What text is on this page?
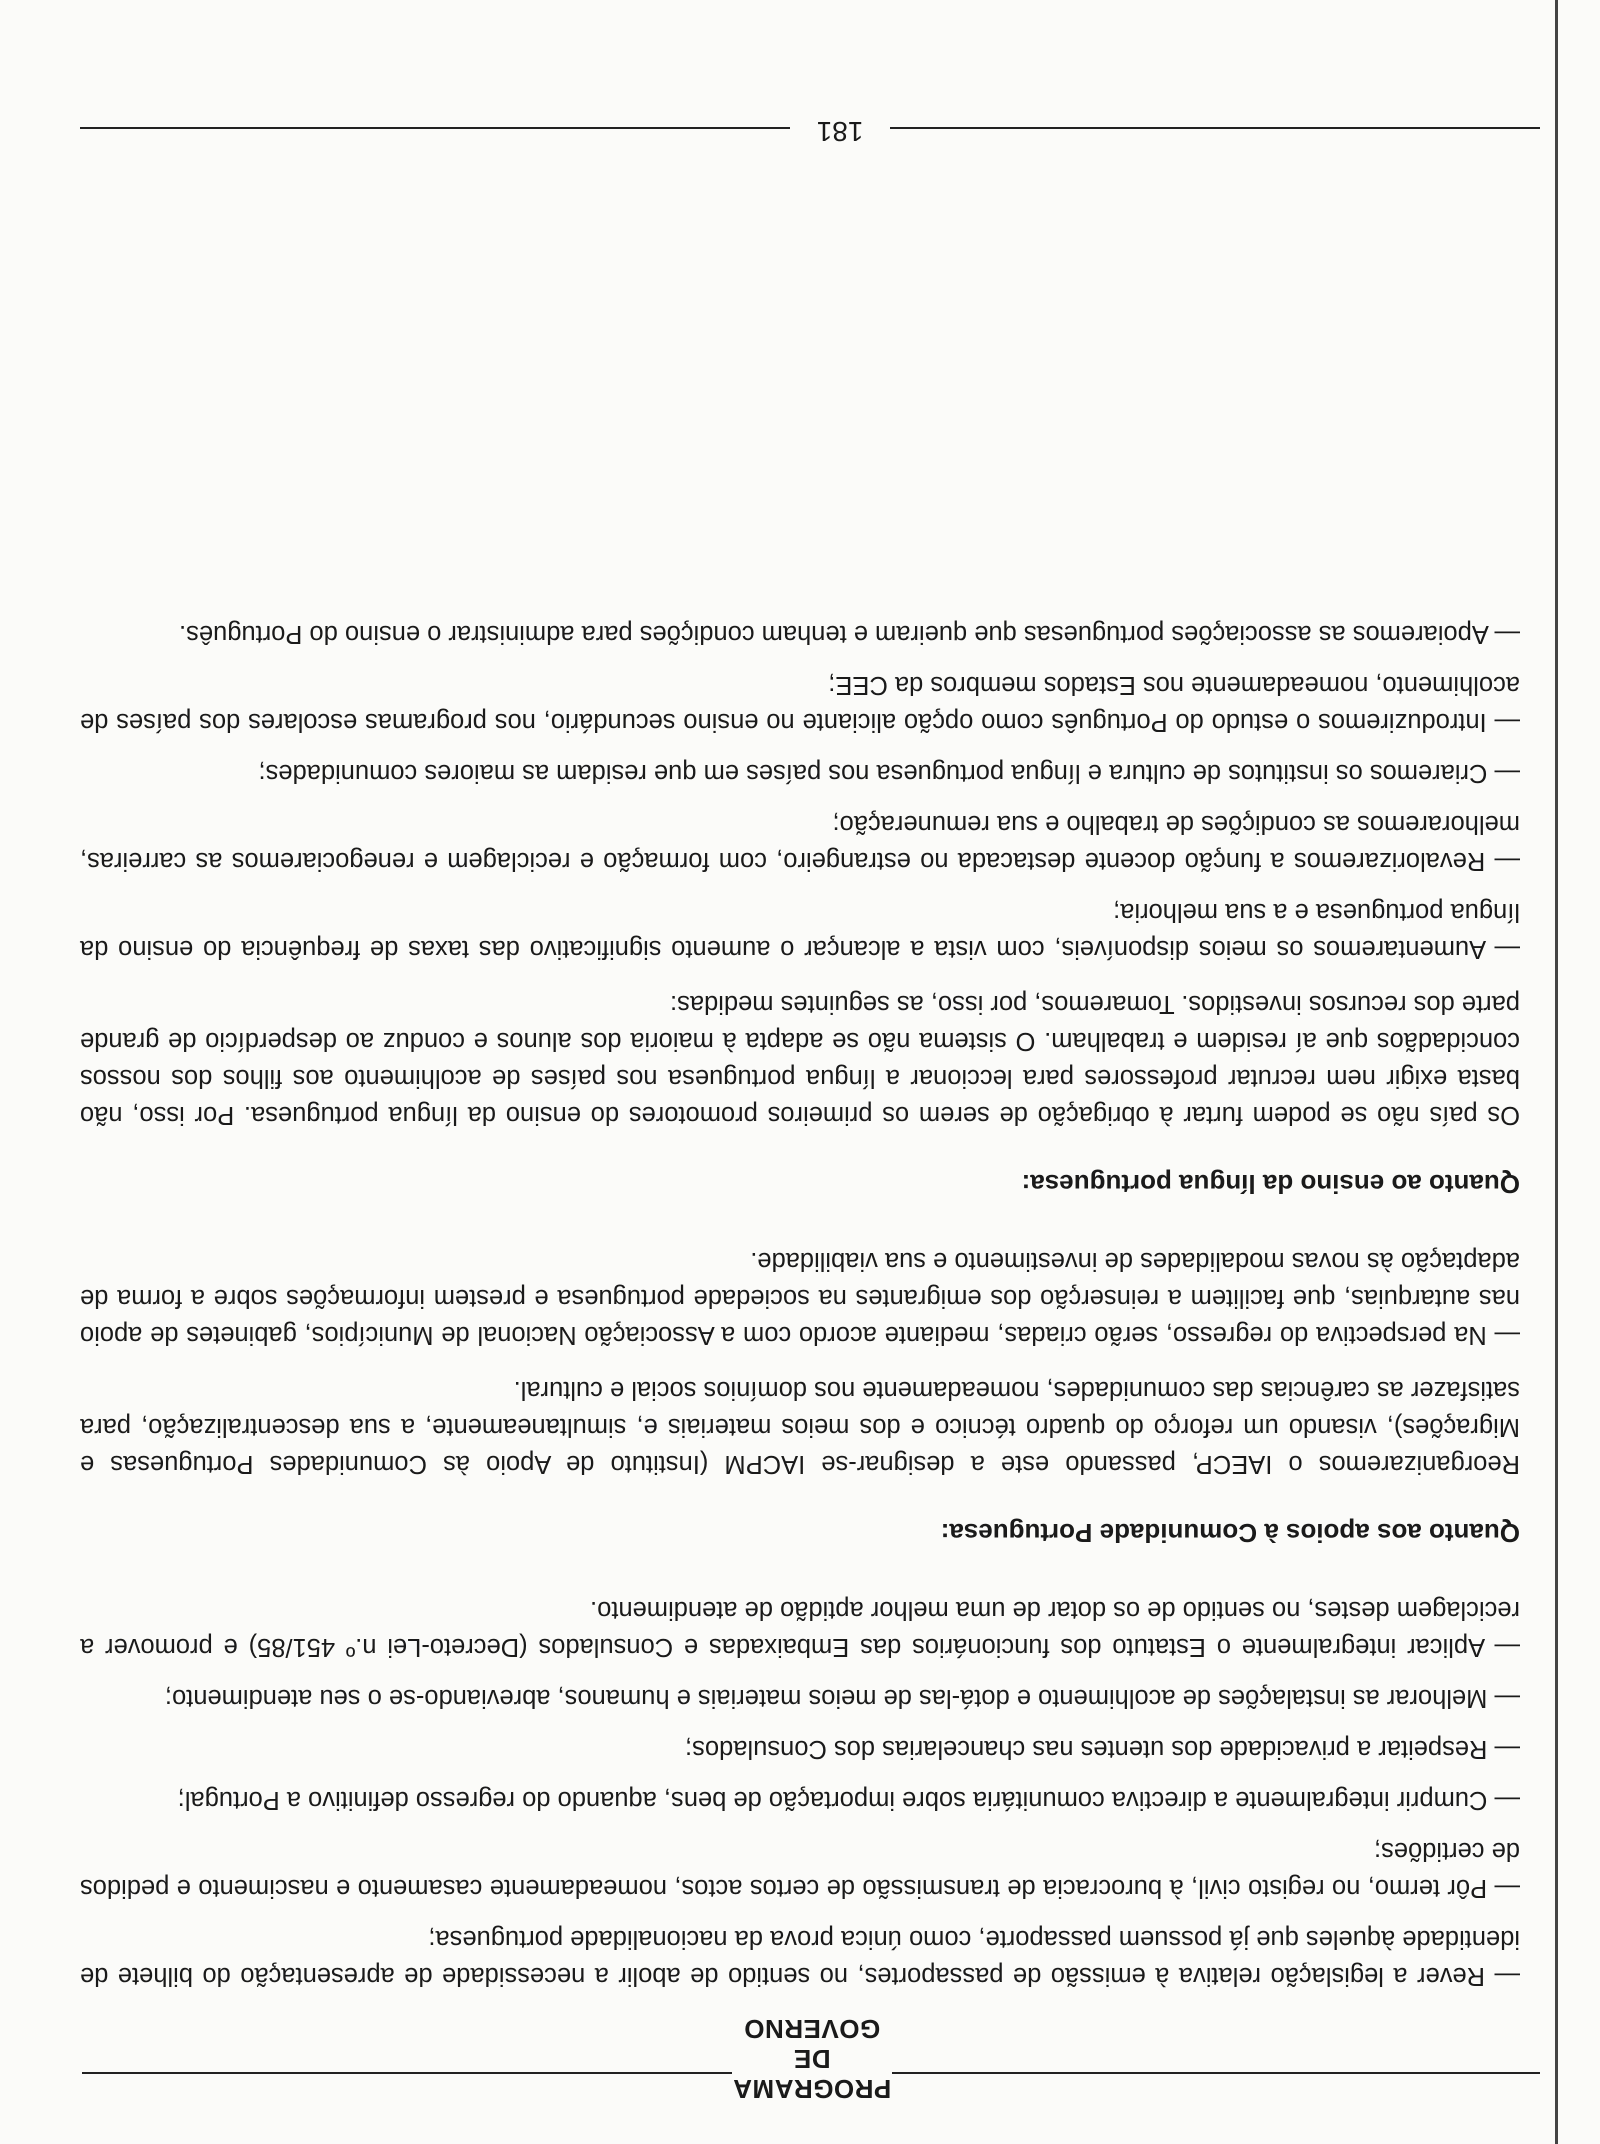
PROGRAMA
DE GOVERNO

— Rever a legislação relativa à emissão de passaportes, no sentido de abolir a necessidade de apresentação do bilhete de identidade àqueles que já possuem passaporte, como única prova da nacionalidade portuguesa;

— Pôr termo, no registo civil, à burocracia de transmissão de certos actos, nomeadamente casamento e nascimento e pedidos de certidões;

— Cumprir integralmente a directiva comunitária sobre importação de bens, aquando do regresso definitivo a Portugal;

— Respeitar a privacidade dos utentes nas chancelarias dos Consulados;

— Melhorar as instalações de acolhimento e dotá-las de meios materiais e humanos, abreviando-se o seu atendimento;

— Aplicar integralmente o Estatuto dos funcionários das Embaixadas e Consulados (Decreto-Lei n.º 451/85) e promover a reciclagem destes, no sentido de os dotar de uma melhor aptidão de atendimento.

Quanto aos apoios à Comunidade Portuguesa:

Reorganizaremos o IAECP, passando este a designar-se IACPM (Instituto de Apoio às Comunidades Portuguesas e Migrações), visando um reforço do quadro técnico e dos meios materiais e, simultaneamente, a sua descentralização, para satisfazer as carências das comunidades, nomeadamente nos domínios social e cultural.

— Na perspectiva do regresso, serão criadas, mediante acordo com a Associação Nacional de Municípios, gabinetes de apoio nas autarquias, que facilitem a reinserção dos emigrantes na sociedade portuguesa e prestem informações sobre a forma de adaptação às novas modalidades de investimento e sua viabilidade.

Quanto ao ensino da língua portuguesa:

Os país não se podem furtar à obrigação de serem os primeiros promotores do ensino da língua portuguesa. Por isso, não basta exigir nem recrutar professores para leccionar a língua portuguesa nos países de acolhimento aos filhos dos nossos concidadãos que aí residem e trabalham. O sistema não se adapta à maioria dos alunos e conduz ao desperdício de grande parte dos recursos investidos. Tomaremos, por isso, as seguintes medidas:

— Aumentaremos os meios disponíveis, com vista a alcançar o aumento significativo das taxas de frequência do ensino da língua portuguesa e a sua melhoria;

— Revalorizaremos a função docente destacada no estrangeiro, com formação e reciclagem e renegociaremos as carreiras, melhoraremos as condições de trabalho e sua remuneração;

— Criaremos os institutos de cultura e língua portuguesa nos países em que residam as maiores comunidades;

— Introduziremos o estudo do Português como opção aliciante no ensino secundário, nos programas escolares dos países de acolhimento, nomeadamente nos Estados membros da CEE;

— Apoiaremos as associações portuguesas que queiram e tenham condições para administrar o ensino do Português.

181
